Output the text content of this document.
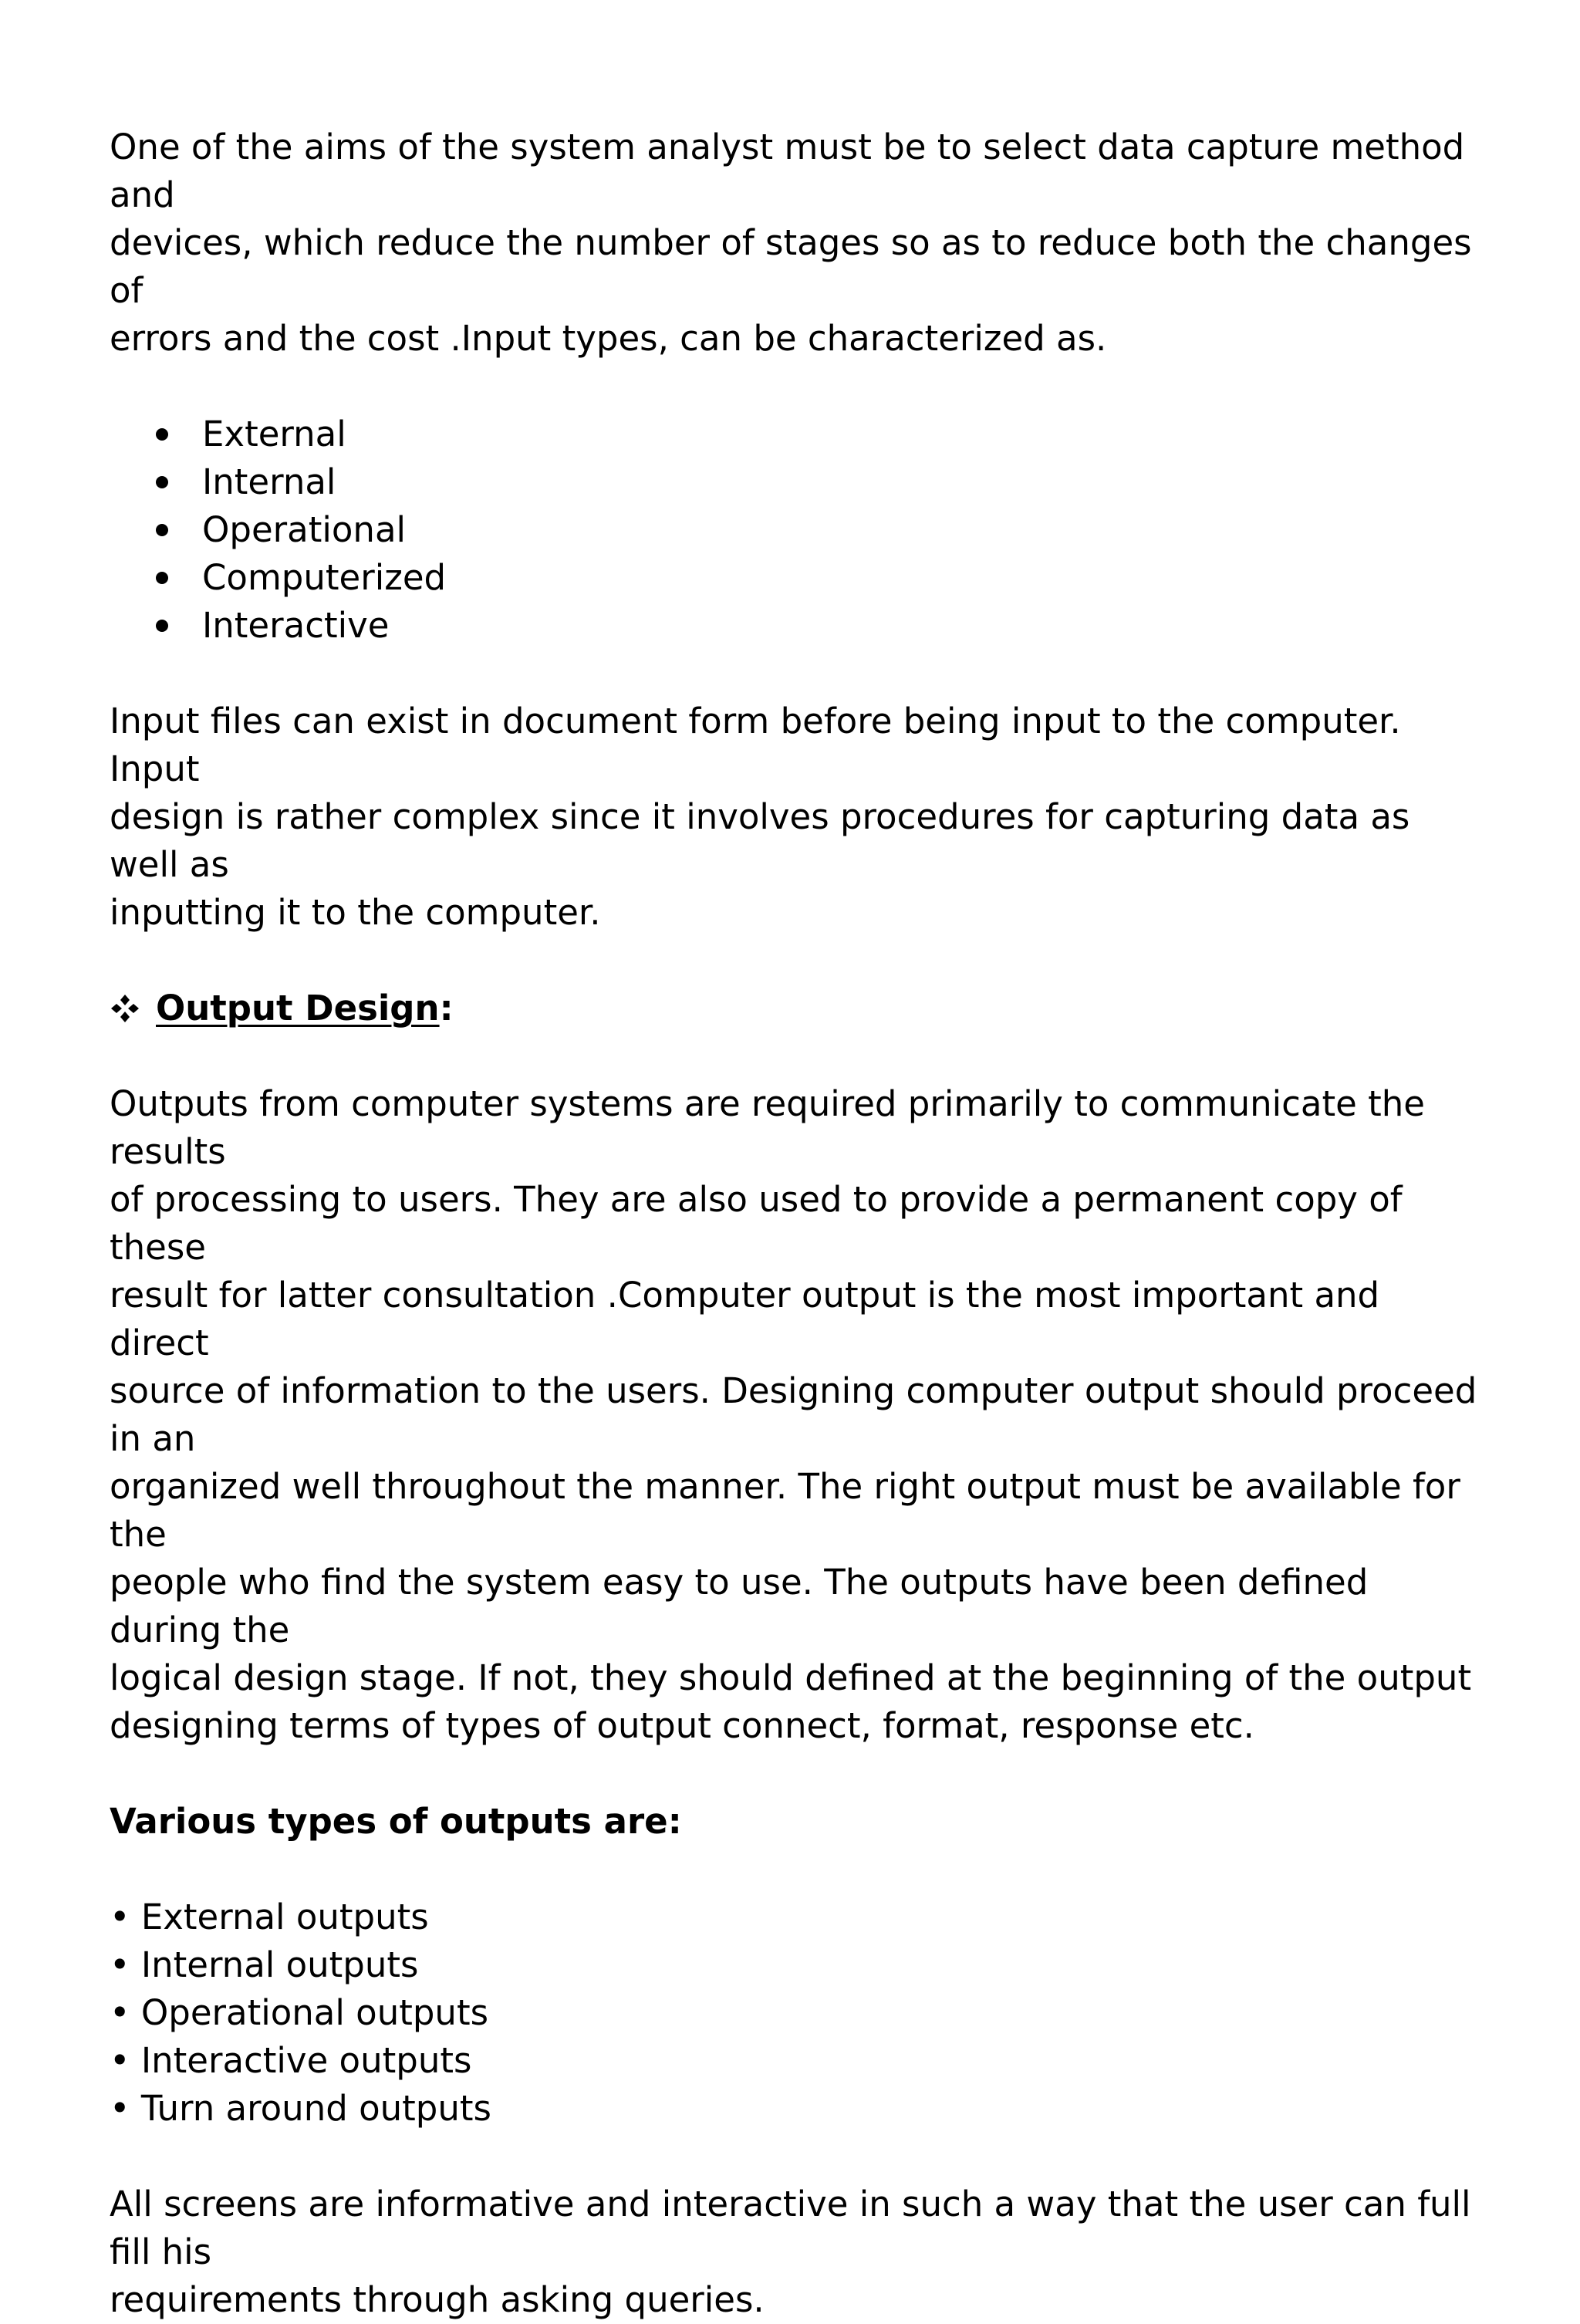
One of the aims of the system analyst must be to select data capture method and
devices, which reduce the number of stages so as to reduce both the changes of
errors and the cost .Input types, can be characterized as.

External
Internal
Operational
Computerized
Interactive

Input files can exist in document form before being input to the computer. Input
design is rather complex since it involves procedures for capturing data as well as
inputting it to the computer.

Output Design :

Outputs from computer systems are required primarily to communicate the results
of processing to users. They are also used to provide a permanent copy of these
result for latter consultation .Computer output is the most important and direct
source of information to the users. Designing computer output should proceed in an
organized well throughout the manner. The right output must be available for the
people who find the system easy to use. The outputs have been defined during the
logical design stage. If not, they should defined at the beginning of the output
designing terms of types of output connect, format, response etc.

Various types of outputs are:

• External outputs
• Internal outputs
• Operational outputs
• Interactive outputs
• Turn around outputs

All screens are informative and interactive in such a way that the user can full fill his
requirements through asking queries.
